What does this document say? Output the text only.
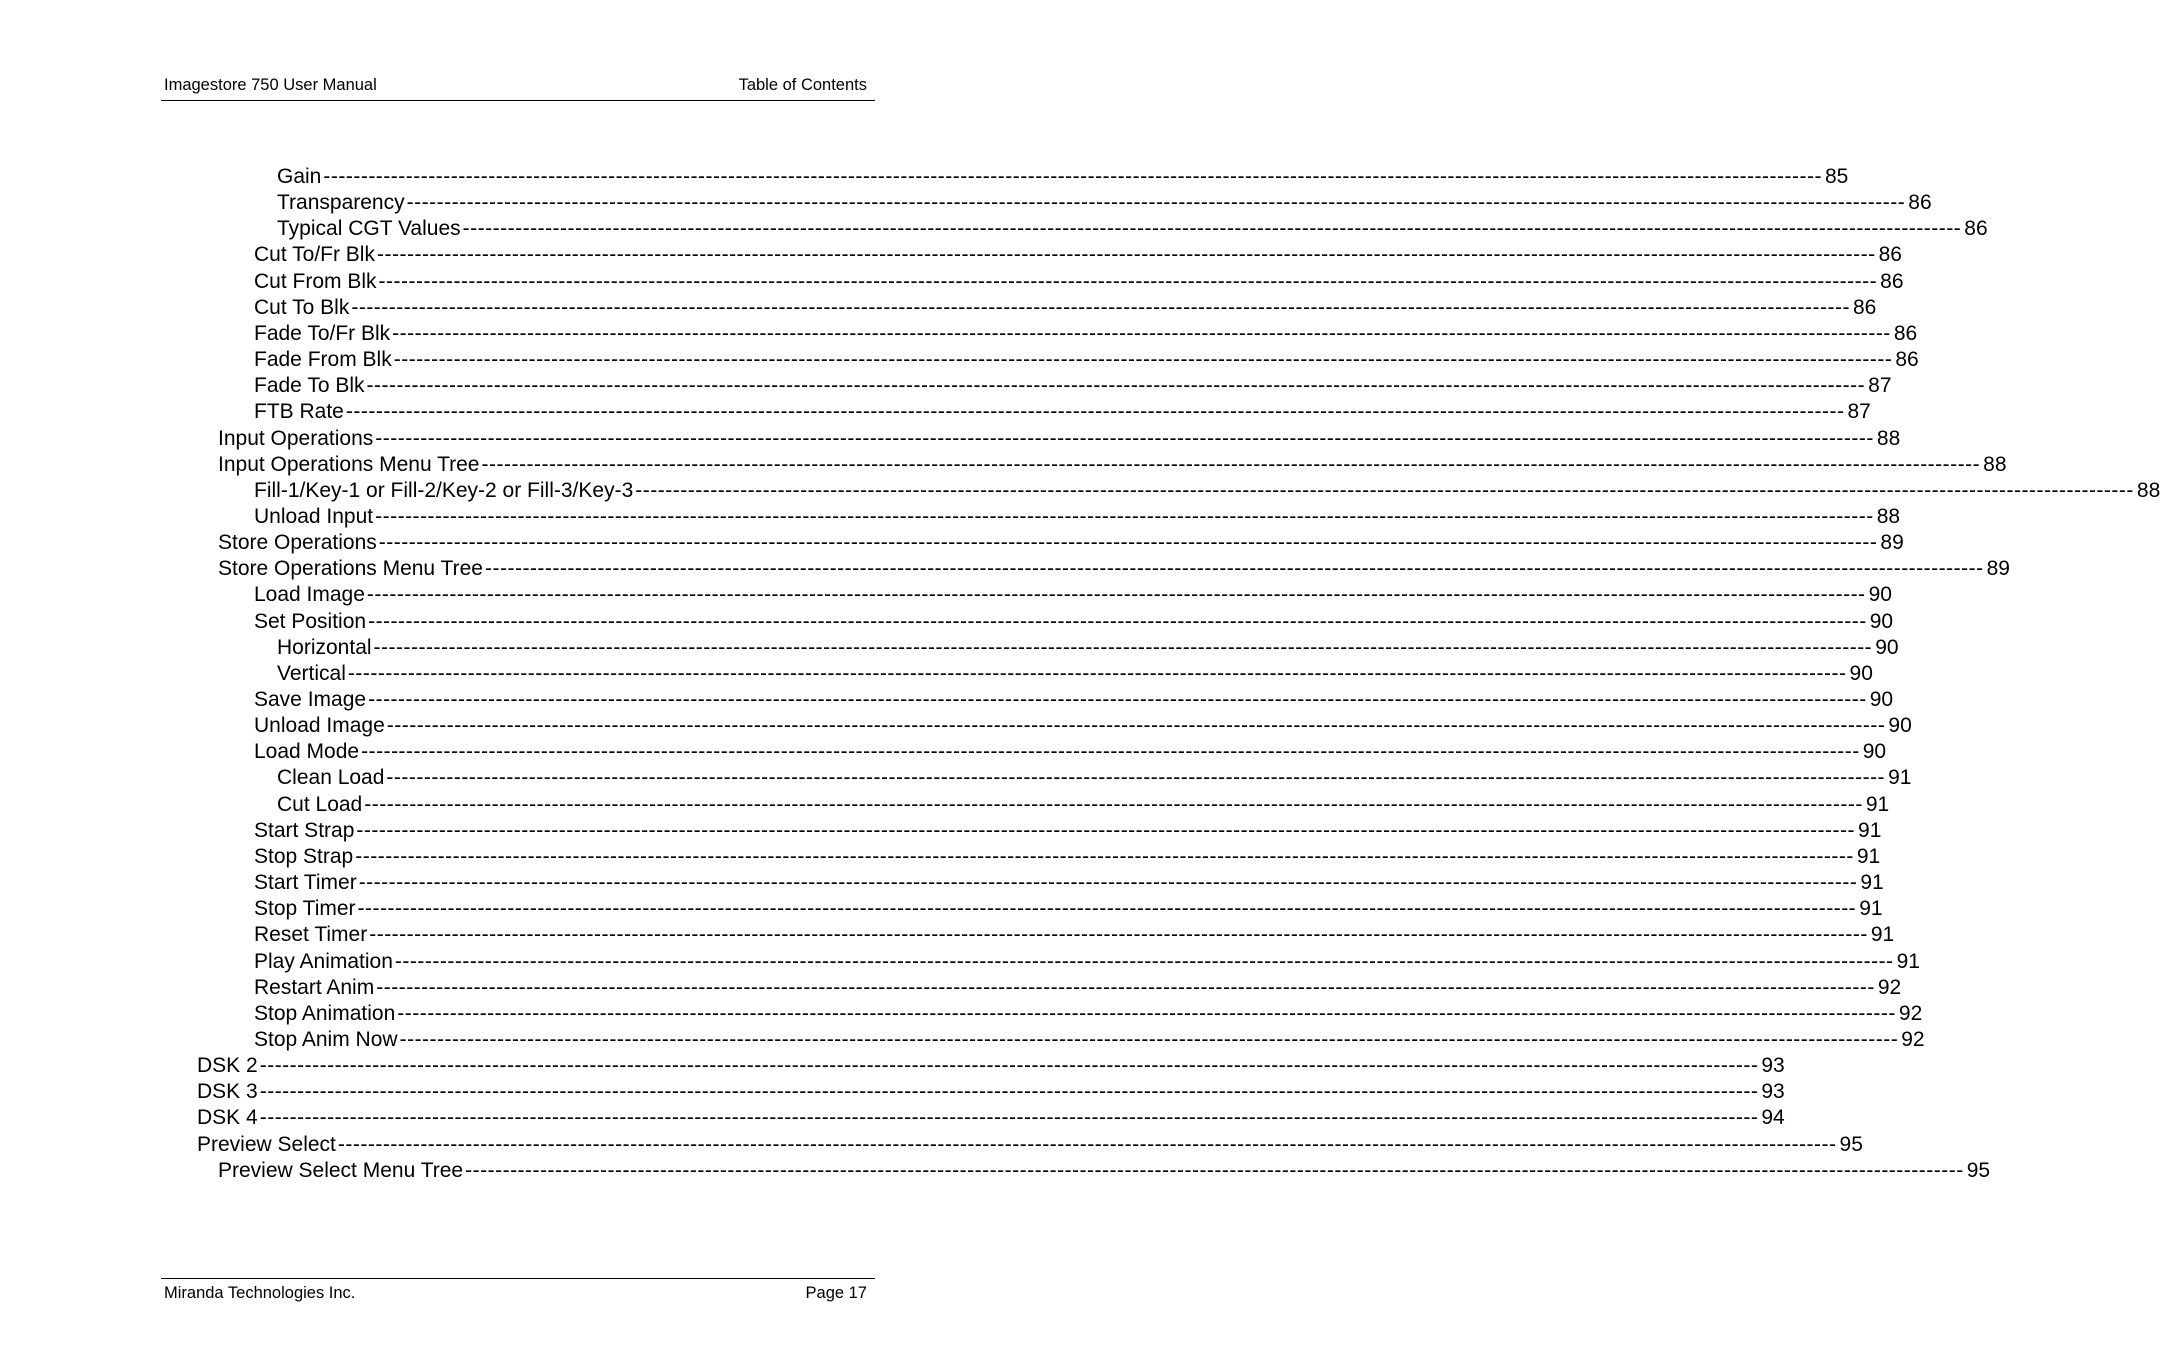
Imagestore 750 User Manual	Table of Contents
Gain -------------------------------------------------------------------------------------------------------------------------------------------------------------------------------------------------------- 85
Transparency -------------------------------------------------------------------------------------------------------------------------------------------------------------------------------------------------------- 86
Typical CGT Values -------------------------------------------------------------------------------------------------------------------------------------------------------------------------------------------------------- 86
Cut To/Fr Blk -------------------------------------------------------------------------------------------------------------------------------------------------------------------------------------------------------- 86
Cut From Blk -------------------------------------------------------------------------------------------------------------------------------------------------------------------------------------------------------- 86
Cut To Blk -------------------------------------------------------------------------------------------------------------------------------------------------------------------------------------------------------- 86
Fade To/Fr Blk -------------------------------------------------------------------------------------------------------------------------------------------------------------------------------------------------------- 86
Fade From Blk -------------------------------------------------------------------------------------------------------------------------------------------------------------------------------------------------------- 86
Fade To Blk -------------------------------------------------------------------------------------------------------------------------------------------------------------------------------------------------------- 87
FTB Rate -------------------------------------------------------------------------------------------------------------------------------------------------------------------------------------------------------- 87
Input Operations -------------------------------------------------------------------------------------------------------------------------------------------------------------------------------------------------------- 88
Input Operations Menu Tree -------------------------------------------------------------------------------------------------------------------------------------------------------------------------------------------------------- 88
Fill-1/Key-1 or Fill-2/Key-2 or Fill-3/Key-3 -------------------------------------------------------------------------------------------------------------------------------------------------------------------------------------------------------- 88
Unload Input -------------------------------------------------------------------------------------------------------------------------------------------------------------------------------------------------------- 88
Store Operations -------------------------------------------------------------------------------------------------------------------------------------------------------------------------------------------------------- 89
Store Operations Menu Tree -------------------------------------------------------------------------------------------------------------------------------------------------------------------------------------------------------- 89
Load Image -------------------------------------------------------------------------------------------------------------------------------------------------------------------------------------------------------- 90
Set Position -------------------------------------------------------------------------------------------------------------------------------------------------------------------------------------------------------- 90
Horizontal -------------------------------------------------------------------------------------------------------------------------------------------------------------------------------------------------------- 90
Vertical -------------------------------------------------------------------------------------------------------------------------------------------------------------------------------------------------------- 90
Save Image -------------------------------------------------------------------------------------------------------------------------------------------------------------------------------------------------------- 90
Unload Image -------------------------------------------------------------------------------------------------------------------------------------------------------------------------------------------------------- 90
Load Mode -------------------------------------------------------------------------------------------------------------------------------------------------------------------------------------------------------- 90
Clean Load -------------------------------------------------------------------------------------------------------------------------------------------------------------------------------------------------------- 91
Cut Load -------------------------------------------------------------------------------------------------------------------------------------------------------------------------------------------------------- 91
Start Strap -------------------------------------------------------------------------------------------------------------------------------------------------------------------------------------------------------- 91
Stop Strap -------------------------------------------------------------------------------------------------------------------------------------------------------------------------------------------------------- 91
Start Timer -------------------------------------------------------------------------------------------------------------------------------------------------------------------------------------------------------- 91
Stop Timer -------------------------------------------------------------------------------------------------------------------------------------------------------------------------------------------------------- 91
Reset Timer -------------------------------------------------------------------------------------------------------------------------------------------------------------------------------------------------------- 91
Play Animation -------------------------------------------------------------------------------------------------------------------------------------------------------------------------------------------------------- 91
Restart Anim -------------------------------------------------------------------------------------------------------------------------------------------------------------------------------------------------------- 92
Stop Animation -------------------------------------------------------------------------------------------------------------------------------------------------------------------------------------------------------- 92
Stop Anim Now -------------------------------------------------------------------------------------------------------------------------------------------------------------------------------------------------------- 92
DSK 2 -------------------------------------------------------------------------------------------------------------------------------------------------------------------------------------------------------- 93
DSK 3 -------------------------------------------------------------------------------------------------------------------------------------------------------------------------------------------------------- 93
DSK 4 -------------------------------------------------------------------------------------------------------------------------------------------------------------------------------------------------------- 94
Preview Select -------------------------------------------------------------------------------------------------------------------------------------------------------------------------------------------------------- 95
Preview Select Menu Tree -------------------------------------------------------------------------------------------------------------------------------------------------------------------------------------------------------- 95
Miranda Technologies Inc.	Page 17
